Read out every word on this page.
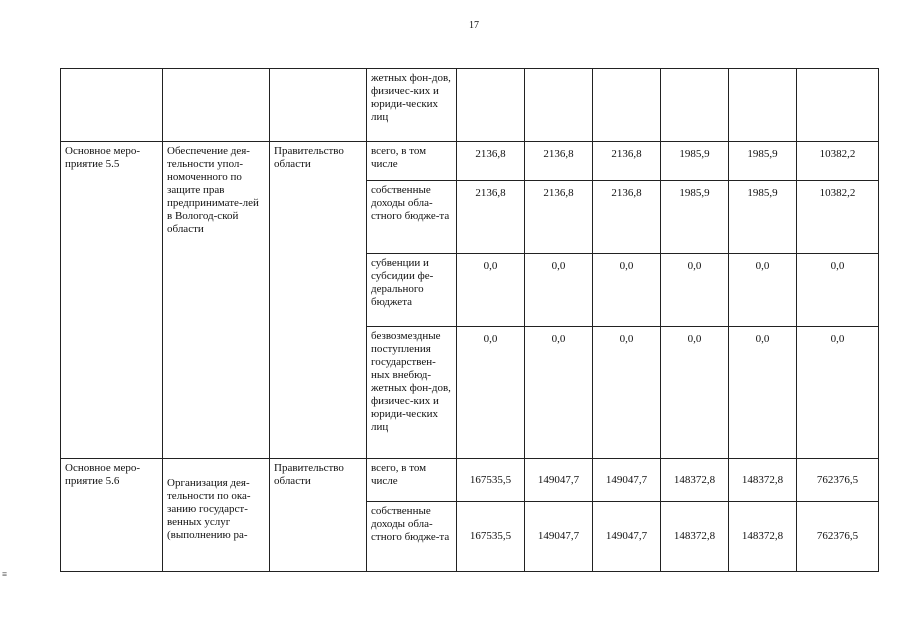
17
			жетных фон-дов, физичес-ких и юриди-ческих лиц						
Основное меро-приятие 5.5	Обеспечение дея-тельности упол-номоченного по защите прав предпринимате-лей в Вологод-ской области	Правительство области	всего, в том числе	2136,8	2136,8	2136,8	1985,9	1985,9	10382,2
			собственные доходы обла-стного бюдже-та	2136,8	2136,8	2136,8	1985,9	1985,9	10382,2
			субвенции и субсидии фе-дерального бюджета	0,0	0,0	0,0	0,0	0,0	0,0
			безвозмездные поступления государствен-ных внебюд-жетных фон-дов, физичес-ких и юриди-ческих лиц	0,0	0,0	0,0	0,0	0,0	0,0
Основное меро-приятие 5.6	Организация дея-тельности по ока-занию государст-венных услуг (выполнению ра-	Правительство области	всего, в том числе	167535,5	149047,7	149047,7	148372,8	148372,8	762376,5
			собственные доходы обла-стного бюдже-та	167535,5	149047,7	149047,7	148372,8	148372,8	762376,5
≡
